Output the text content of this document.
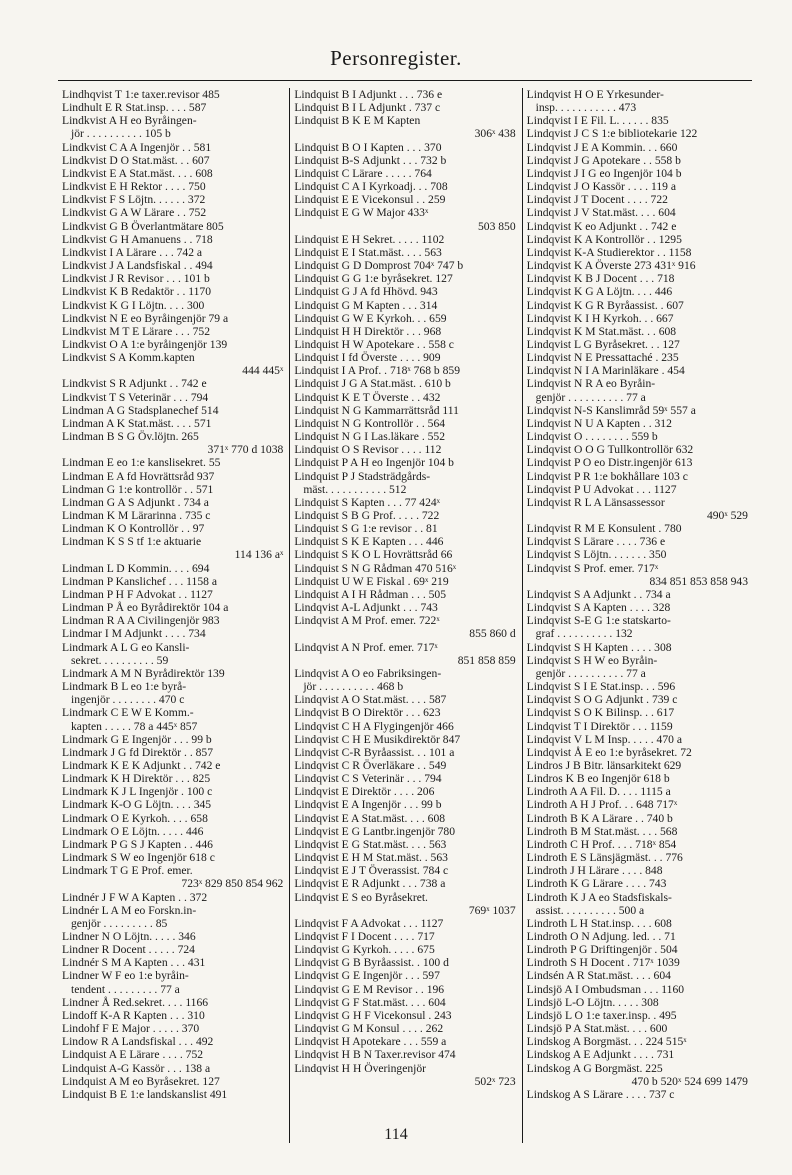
Personregister.
Lindhqvist T 1:e taxer.revisor 485
Lindhult E R Stat.insp. . . . 587
Lindkvist A H eo Byråingen-
jör . . . . . . . . . . 105 b
Lindkvist C A A Ingenjör . . 581
Lindkvist D O Stat.mäst. . . 607
Lindkvist E A Stat.mäst. . . . 608
Lindkvist E H Rektor . . . . 750
Lindkvist F S Löjtn. . . . . . 372
Lindkvist G A W Lärare . . 752
Lindkvist G B Överlantmätare 805
Lindkvist G H Amanuens . . 718
Lindkvist I A Lärare . . . 742 a
Lindkvist J A Landsfiskal . . 494
Lindkvist J R Revisor . . . 101 b
Lindkvist K B Redaktör . . 1170
Lindkvist K G I Löjtn. . . . 300
Lindkvist N E eo Byråingenjör 79 a
Lindkvist M T E Lärare . . . 752
Lindkvist O A 1:e byråingenjör 139
Lindkvist S A Komm.kapten
444 445ˣ
Lindkvist S R Adjunkt . . 742 e
Lindkvist T S Veterinär . . . 794
Lindman A G Stadsplanechef 514
Lindman A K Stat.mäst. . . . 571
Lindman B S G Öv.löjtn. 265
371ˣ 770 d 1038
Lindman E eo 1:e kanslisekret. 55
Lindman E A fd Hovrättsråd 937
Lindman G 1:e kontrollör . . 571
Lindman G A S Adjunkt . 734 a
Lindman K M Lärarinna . 735 c
Lindman K O Kontrollör . . 97
Lindman K S S tf 1:e aktuarie
114 136 aˣ
Lindman L D Kommin. . . . 694
Lindman P Kanslichef . . . 1158 a
Lindman P H F Advokat . . 1127
Lindman P Å eo Byrådirektör 104 a
Lindman R A A Civilingenjör 983
Lindmar I M Adjunkt . . . . 734
Lindmark A L G eo Kansli-
sekret. . . . . . . . . . 59
Lindmark A M N Byrådirektör 139
Lindmark B L eo 1:e byrå-
ingenjör . . . . . . . . 470 c
Lindmark C E W E Komm.-
kapten . . . . . 78 a 445ˣ 857
Lindmark G E Ingenjör . . . 99 b
Lindmark J G fd Direktör . . 857
Lindmark K E K Adjunkt . . 742 e
Lindmark K H Direktör . . . 825
Lindmark K J L Ingenjör . 100 c
Lindmark K-O G Löjtn. . . . 345
Lindmark O E Kyrkoh. . . . 658
Lindmark O E Löjtn. . . . . 446
Lindmark P G S J Kapten . . 446
Lindmark S W eo Ingenjör 618 c
Lindmark T G E Prof. emer.
723ˣ 829 850 854 962
Lindnér J F W A Kapten . . 372
Lindnér L A M eo Forskn.in-
genjör . . . . . . . . . 85
Lindner N O Löjtn. . . . . 346
Lindner R Docent . . . . . 724
Lindnér S M A Kapten . . . 431
Lindner W F eo 1:e byråin-
tendent . . . . . . . . . 77 a
Lindner Å Red.sekret. . . . 1166
Lindoff K-A R Kapten . . . 310
Lindohf F E Major . . . . . 370
Lindow R A Landsfiskal . . . 492
Lindquist A E Lärare . . . . 752
Lindquist A-G Kassör . . . 138 a
Lindquist A M eo Byråsekret. 127
Lindquist B E 1:e landskanslist 491
Lindquist B I Adjunkt . . . 736 e
Lindquist B I L Adjunkt . 737 c
Lindquist B K E M Kapten
306ˣ 438
Lindquist B O I Kapten . . . 370
Lindquist B-S Adjunkt . . . 732 b
Lindquist C Lärare . . . . . 764
Lindquist C A I Kyrkoadj. . . 708
Lindquist E E Vicekonsul . . 259
Lindquist E G W Major 433ˣ
503 850
Lindquist E H Sekret. . . . . 1102
Lindquist E I Stat.mäst. . . . 563
Lindquist G D Domprost 704ˣ 747 b
Lindquist G G 1:e byråsekret. 127
Lindquist G J A fd Hhövd. 943
Lindquist G M Kapten . . . 314
Lindquist G W E Kyrkoh. . . 659
Lindquist H H Direktör . . . 968
Lindquist H W Apotekare . . 558 c
Lindquist I fd Överste . . . . 909
Lindquist I A Prof. . 718ˣ 768 b 859
Lindquist J G A Stat.mäst. . 610 b
Lindquist K E T Överste . . 432
Lindquist N G Kammarrättsråd 111
Lindquist N G Kontrollör . . 564
Lindquist N G I Las.läkare . 552
Lindquist O S Revisor . . . . 112
Lindquist P A H eo Ingenjör 104 b
Lindquist P J Stadsträdgårds-
mäst. . . . . . . . . . . 512
Lindquist S Kapten . . . 77 424ˣ
Lindquist S B G Prof. . . . . 722
Lindquist S G 1:e revisor . . 81
Lindquist S K E Kapten . . . 446
Lindquist S K O L Hovrättsråd 66
Lindquist S N G Rådman 470 516ˣ
Lindquist U W E Fiskal . 69ˣ 219
Lindquist A I H Rådman . . . 505
Lindqvist A-L Adjunkt . . . 743
Lindqvist A M Prof. emer. 722ˣ
855 860 d
Lindqvist A N Prof. emer. 717ˣ
851 858 859
Lindqvist A O eo Fabriksingen-
jör . . . . . . . . . . 468 b
Lindqvist A O Stat.mäst. . . . 587
Lindqvist B O Direktör . . . 623
Lindqvist C H A Flygingenjör 466
Lindqvist C H E Musikdirektör 847
Lindqvist C-R Byråassist. . . 101 a
Lindqvist C R Överläkare . . 549
Lindqvist C S Veterinär . . . 794
Lindqvist E Direktör . . . . 206
Lindqvist E A Ingenjör . . . 99 b
Lindqvist E A Stat.mäst. . . . 608
Lindqvist E G Lantbr.ingenjör 780
Lindqvist E G Stat.mäst. . . . 563
Lindqvist E H M Stat.mäst. . 563
Lindqvist E J T Överassist. 784 c
Lindqvist E R Adjunkt . . . 738 a
Lindqvist E S eo Byråsekret.
769ˣ 1037
Lindqvist F A Advokat . . . 1127
Lindqvist F I Docent . . . . 717
Lindqvist G Kyrkoh. . . . . 675
Lindqvist G B Byråassist. . 100 d
Lindqvist G E Ingenjör . . . 597
Lindqvist G E M Revisor . . 196
Lindqvist G F Stat.mäst. . . . 604
Lindqvist G H F Vicekonsul . 243
Lindqvist G M Konsul . . . . 262
Lindqvist H Apotekare . . . 559 a
Lindqvist H B N Taxer.revisor 474
Lindqvist H H Överingenjör
502ˣ 723
Lindqvist H O E Yrkesunder-
insp. . . . . . . . . . . 473
Lindqvist I E Fil. L. . . . . . 835
Lindqvist J C S 1:e bibliotekarie 122
Lindqvist J E A Kommin. . . 660
Lindqvist J G Apotekare . . 558 b
Lindqvist J I G eo Ingenjör 104 b
Lindqvist J O Kassör . . . . 119 a
Lindqvist J T Docent . . . . 722
Lindqvist J V Stat.mäst. . . . 604
Lindqvist K eo Adjunkt . . 742 e
Lindqvist K A Kontrollör . . 1295
Lindqvist K-A Studierektor . . 1158
Lindqvist K A Överste 273 431ˣ 916
Lindqvist K B J Docent . . . 718
Lindqvist K G A Löjtn. . . . 446
Lindqvist K G R Byråassist. . 607
Lindqvist K I H Kyrkoh. . . 667
Lindqvist K M Stat.mäst. . . 608
Lindqvist L G Byråsekret. . . 127
Lindqvist N E Pressattaché . 235
Lindqvist N I A Marinläkare . 454
Lindqvist N R A eo Byråin-
genjör . . . . . . . . . . 77 a
Lindqvist N-S Kanslimråd 59ˣ 557 a
Lindqvist N U A Kapten . . 312
Lindqvist O . . . . . . . . 559 b
Lindqvist O O G Tullkontrollör 632
Lindqvist P O eo Distr.ingenjör 613
Lindqvist P R 1:e bokhållare 103 c
Lindqvist P U Advokat . . . 1127
Lindqvist R L A Länsassessor
490ˣ 529
Lindqvist R M E Konsulent . 780
Lindqvist S Lärare . . . . 736 e
Lindqvist S Löjtn. . . . . . . 350
Lindqvist S Prof. emer. 717ˣ
834 851 853 858 943
Lindqvist S A Adjunkt . . 734 a
Lindqvist S A Kapten . . . . 328
Lindqvist S-E G 1:e statskarto-
graf . . . . . . . . . . 132
Lindqvist S H Kapten . . . . 308
Lindqvist S H W eo Byråin-
genjör . . . . . . . . . . 77 a
Lindqvist S I E Stat.insp. . . 596
Lindqvist S O G Adjunkt . 739 c
Lindqvist S O K Bilinsp. . . 617
Lindqvist T I Direktör . . . 1159
Lindqvist V L M Insp. . . . . 470 a
Lindqvist Å E eo 1:e byråsekret. 72
Lindros J B Bitr. länsarkitekt 629
Lindros K B eo Ingenjör 618 b
Lindroth A A Fil. D. . . . 1115 a
Lindroth A H J Prof. . . 648 717ˣ
Lindroth B K A Lärare . . 740 b
Lindroth B M Stat.mäst. . . . 568
Lindroth C H Prof. . . . 718ˣ 854
Lindroth E S Länsjägmäst. . . 776
Lindroth J H Lärare . . . . 848
Lindroth K G Lärare . . . . 743
Lindroth K J A eo Stadsfiskals-
assist. . . . . . . . . . 500 a
Lindroth L H Stat.insp. . . . 608
Lindroth O N Adjung. led. . . 71
Lindroth P G Driftingenjör . 504
Lindroth S H Docent . 717ˣ 1039
Lindsén A R Stat.mäst. . . . 604
Lindsjö A I Ombudsman . . . 1160
Lindsjö L-O Löjtn. . . . . 308
Lindsjö L O 1:e taxer.insp. . 495
Lindsjö P A Stat.mäst. . . . 600
Lindskog A Borgmäst. . . 224 515ˣ
Lindskog A E Adjunkt . . . . 731
Lindskog A G Borgmäst. 225
470 b 520ˣ 524 699 1479
Lindskog A S Lärare . . . . 737 c
114
